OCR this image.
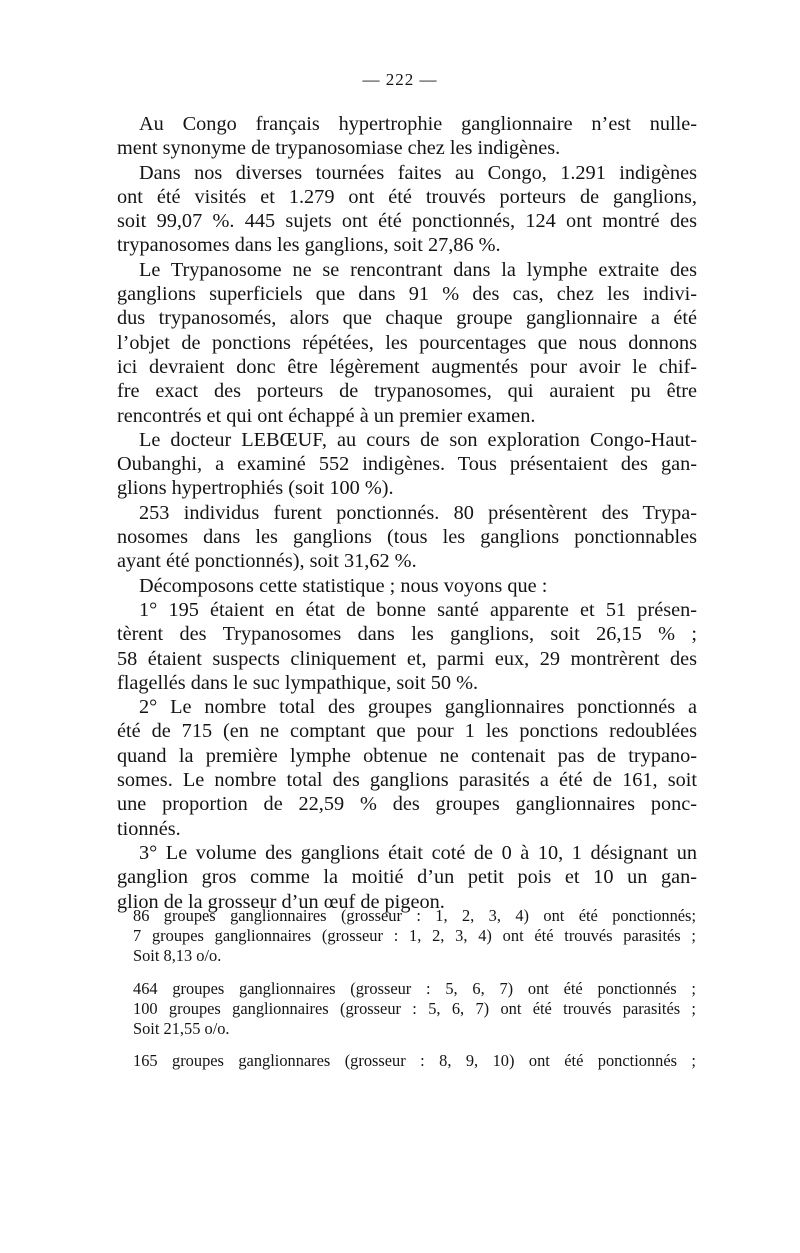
— 222 —
Au Congo français hypertrophie ganglionnaire n’est nulle-
ment synonyme de trypanosomiase chez les indigènes.
Dans nos diverses tournées faites au Congo, 1.291 indigènes
ont été visités et 1.279 ont été trouvés porteurs de ganglions,
soit 99,07 %. 445 sujets ont été ponctionnés, 124 ont montré des
trypanosomes dans les ganglions, soit 27,86 %.
Le Trypanosome ne se rencontrant dans la lymphe extraite des
ganglions superficiels que dans 91 % des cas, chez les indivi-
dus trypanosomés, alors que chaque groupe ganglionnaire a été
l’objet de ponctions répétées, les pourcentages que nous donnons
ici devraient donc être légèrement augmentés pour avoir le chif-
fre exact des porteurs de trypanosomes, qui auraient pu être
rencontrés et qui ont échappé à un premier examen.
Le docteur LEBŒUF, au cours de son exploration Congo-Haut-
Oubanghi, a examiné 552 indigènes. Tous présentaient des gan-
glions hypertrophiés (soit 100 %).
253 individus furent ponctionnés. 80 présentèrent des Trypa-
nosomes dans les ganglions (tous les ganglions ponctionnables
ayant été ponctionnés), soit 31,62 %.
Décomposons cette statistique ; nous voyons que :
1° 195 étaient en état de bonne santé apparente et 51 présen-
tèrent des Trypanosomes dans les ganglions, soit 26,15 % ;
58 étaient suspects cliniquement et, parmi eux, 29 montrèrent des
flagellés dans le suc lympathique, soit 50 %.
2° Le nombre total des groupes ganglionnaires ponctionnés a
été de 715 (en ne comptant que pour 1 les ponctions redoublées
quand la première lymphe obtenue ne contenait pas de trypano-
somes. Le nombre total des ganglions parasités a été de 161, soit
une proportion de 22,59 % des groupes ganglionnaires ponc-
tionnés.
3° Le volume des ganglions était coté de 0 à 10, 1 désignant un
ganglion gros comme la moitié d’un petit pois et 10 un gan-
glion de la grosseur d’un œuf de pigeon.
86 groupes ganglionnaires (grosseur : 1, 2, 3, 4) ont été ponctionnés;
7 groupes ganglionnaires (grosseur : 1, 2, 3, 4) ont été trouvés parasités ;
Soit 8,13 o/o.
464 groupes ganglionnaires (grosseur : 5, 6, 7) ont été ponctionnés ;
100 groupes ganglionnaires (grosseur : 5, 6, 7) ont été trouvés parasités ;
Soit 21,55 o/o.
165 groupes ganglionnares (grosseur : 8, 9, 10) ont été ponctionnés ;
